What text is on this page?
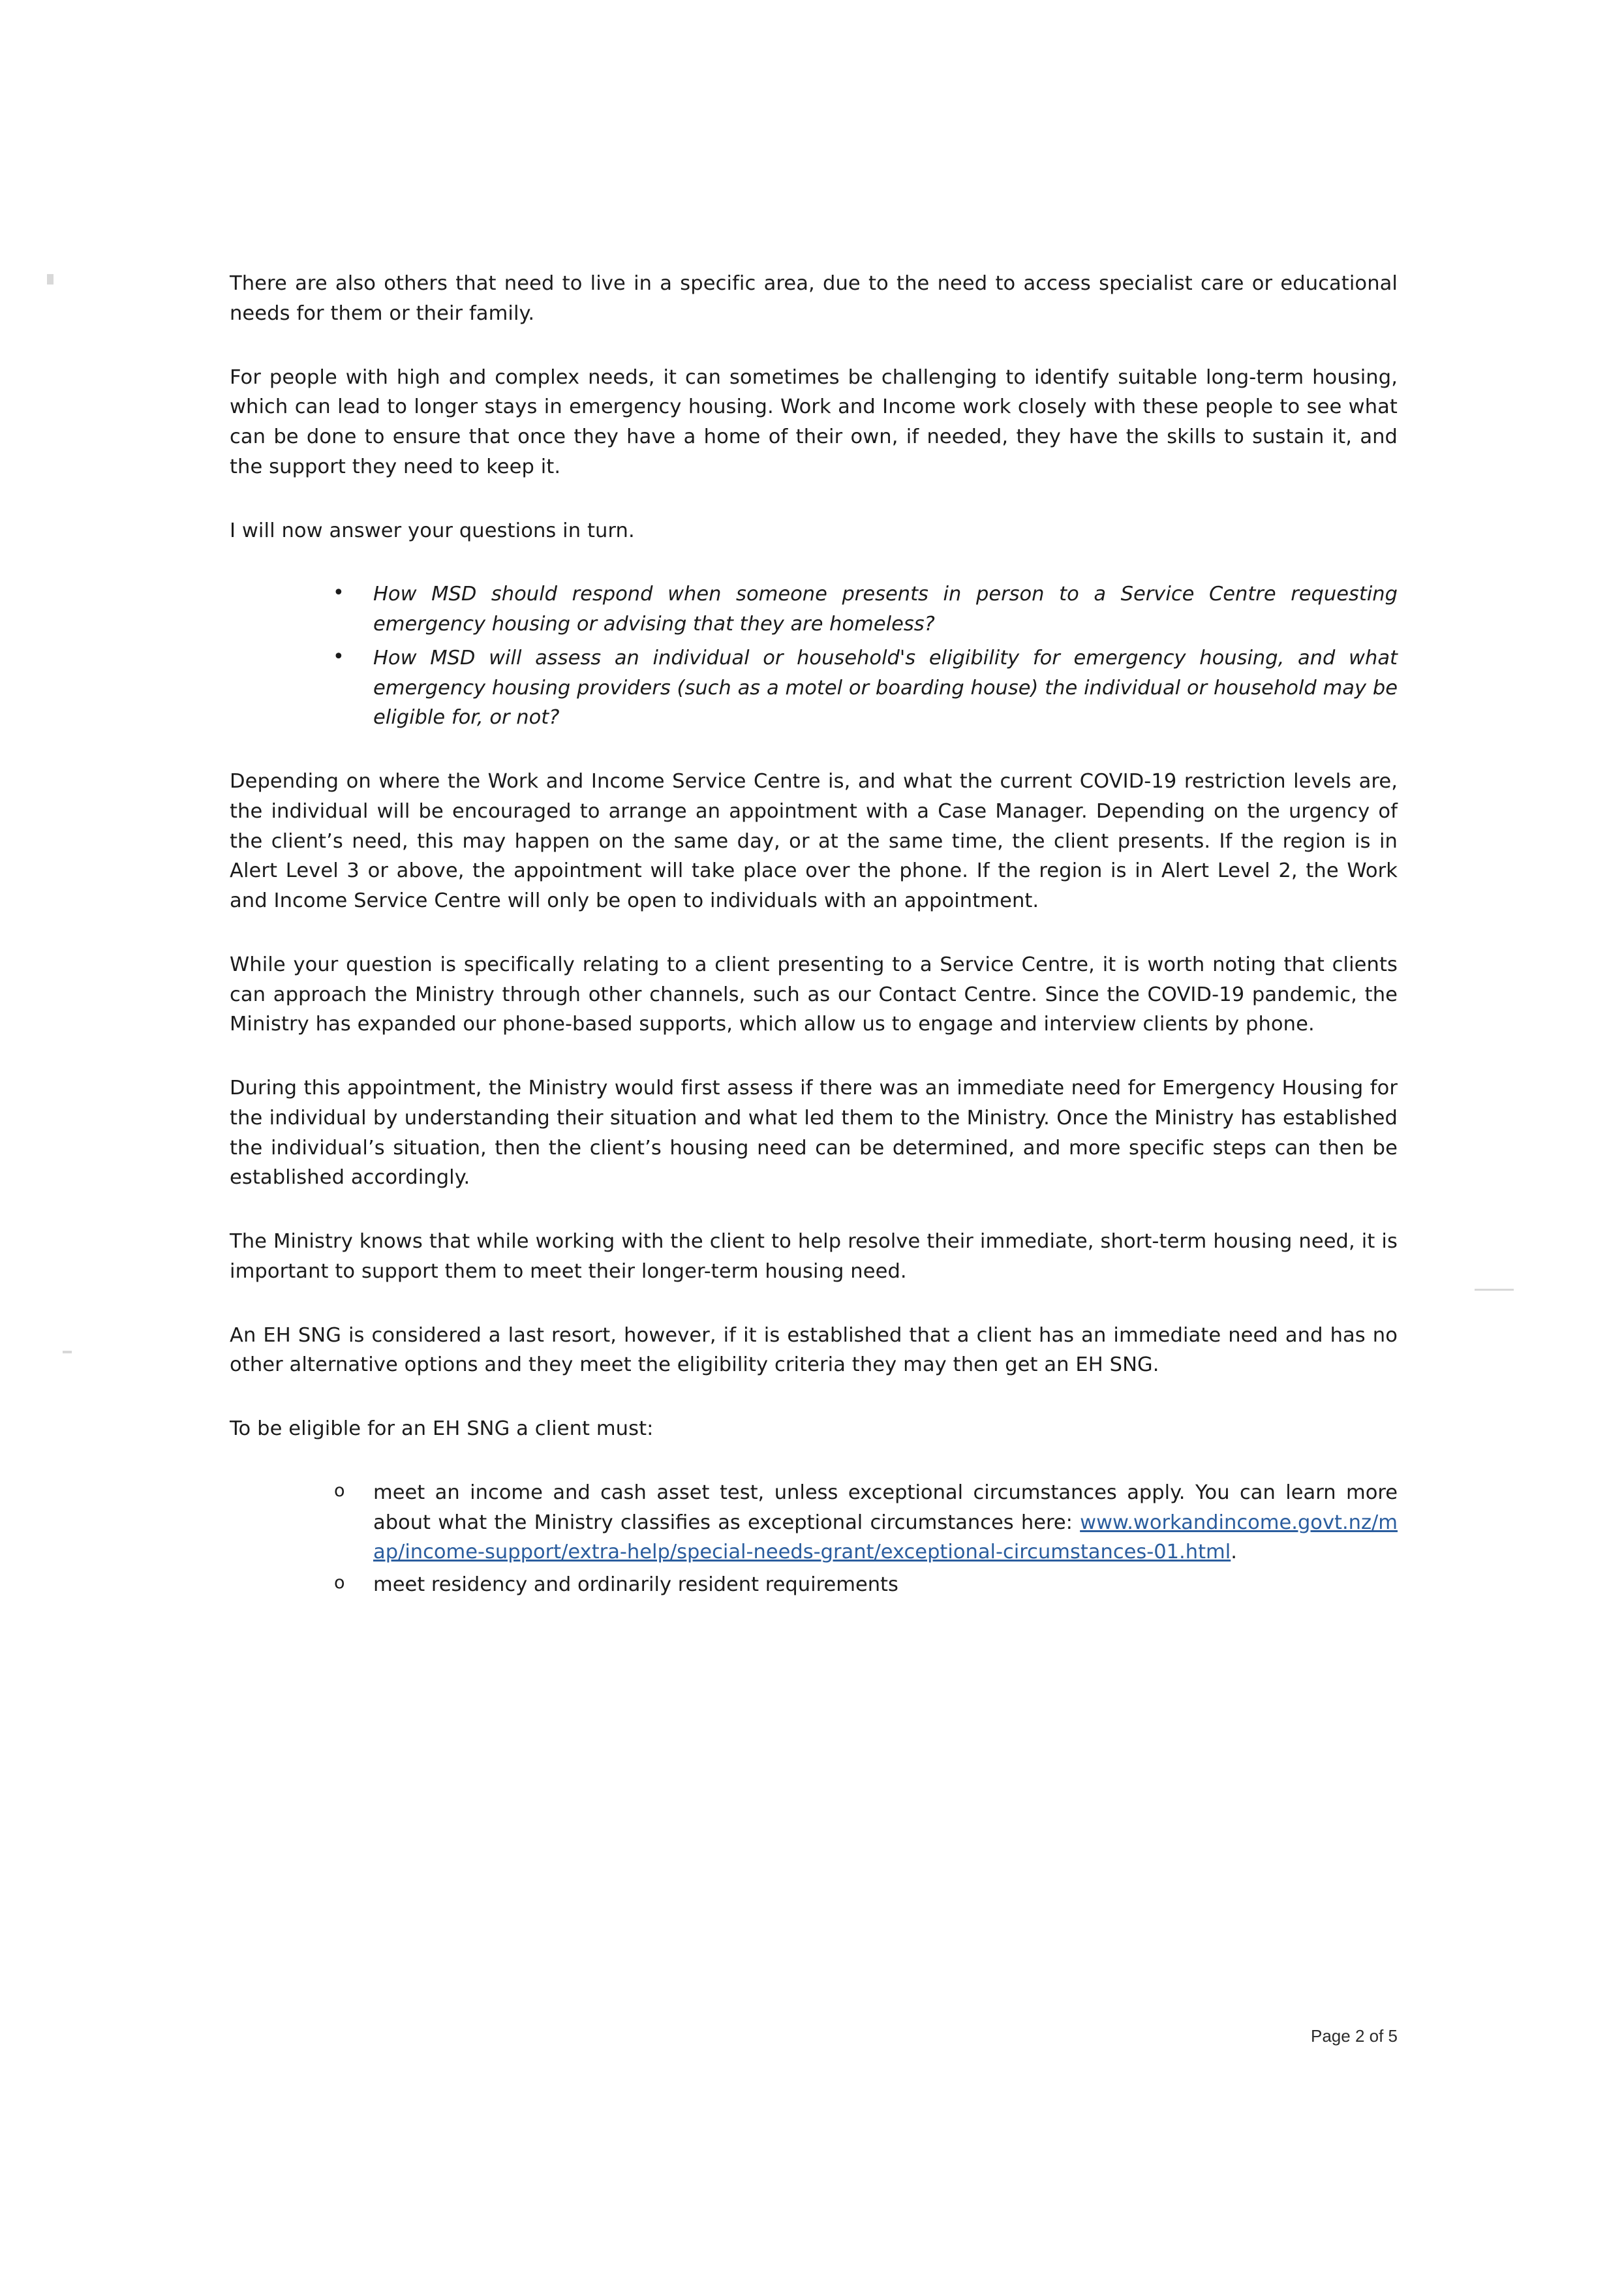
There are also others that need to live in a specific area, due to the need to access specialist care or educational needs for them or their family.

For people with high and complex needs, it can sometimes be challenging to identify suitable long-term housing, which can lead to longer stays in emergency housing. Work and Income work closely with these people to see what can be done to ensure that once they have a home of their own, if needed, they have the skills to sustain it, and the support they need to keep it.

I will now answer your questions in turn.

• How MSD should respond when someone presents in person to a Service Centre requesting emergency housing or advising that they are homeless?
• How MSD will assess an individual or household's eligibility for emergency housing, and what emergency housing providers (such as a motel or boarding house) the individual or household may be eligible for, or not?

Depending on where the Work and Income Service Centre is, and what the current COVID-19 restriction levels are, the individual will be encouraged to arrange an appointment with a Case Manager. Depending on the urgency of the client’s need, this may happen on the same day, or at the same time, the client presents. If the region is in Alert Level 3 or above, the appointment will take place over the phone. If the region is in Alert Level 2, the Work and Income Service Centre will only be open to individuals with an appointment.

While your question is specifically relating to a client presenting to a Service Centre, it is worth noting that clients can approach the Ministry through other channels, such as our Contact Centre. Since the COVID-19 pandemic, the Ministry has expanded our phone-based supports, which allow us to engage and interview clients by phone.

During this appointment, the Ministry would first assess if there was an immediate need for Emergency Housing for the individual by understanding their situation and what led them to the Ministry. Once the Ministry has established the individual’s situation, then the client’s housing need can be determined, and more specific steps can then be established accordingly.

The Ministry knows that while working with the client to help resolve their immediate, short-term housing need, it is important to support them to meet their longer-term housing need.

An EH SNG is considered a last resort, however, if it is established that a client has an immediate need and has no other alternative options and they meet the eligibility criteria they may then get an EH SNG.

To be eligible for an EH SNG a client must:

o meet an income and cash asset test, unless exceptional circumstances apply. You can learn more about what the Ministry classifies as exceptional circumstances here: www.workandincome.govt.nz/map/income-support/extra-help/special-needs-grant/exceptional-circumstances-01.html.
o meet residency and ordinarily resident requirements
Page 2 of 5
